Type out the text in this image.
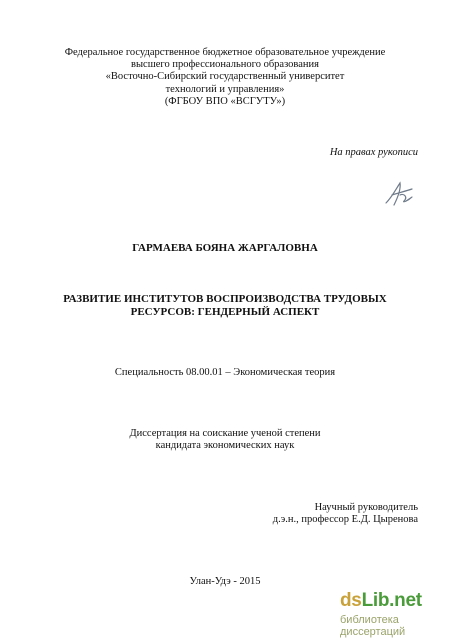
Федеральное государственное бюджетное образовательное учреждение
высшего профессионального образования
«Восточно-Сибирский государственный университет
технологий и управления»
(ФГБОУ ВПО «ВСГУТУ»)
На правах рукописи
ГАРМАЕВА БОЯНА ЖАРГАЛОВНА
РАЗВИТИЕ ИНСТИТУТОВ ВОСПРОИЗВОДСТВА ТРУДОВЫХ
РЕСУРСОВ: ГЕНДЕРНЫЙ АСПЕКТ
Специальность 08.00.01 – Экономическая теория
Диссертация на соискание ученой степени
кандидата экономических наук
Научный руководитель
д.э.н., профессор Е.Д. Цыренова
Улан-Удэ - 2015
ds Lib.net
библиотека диссертаций
